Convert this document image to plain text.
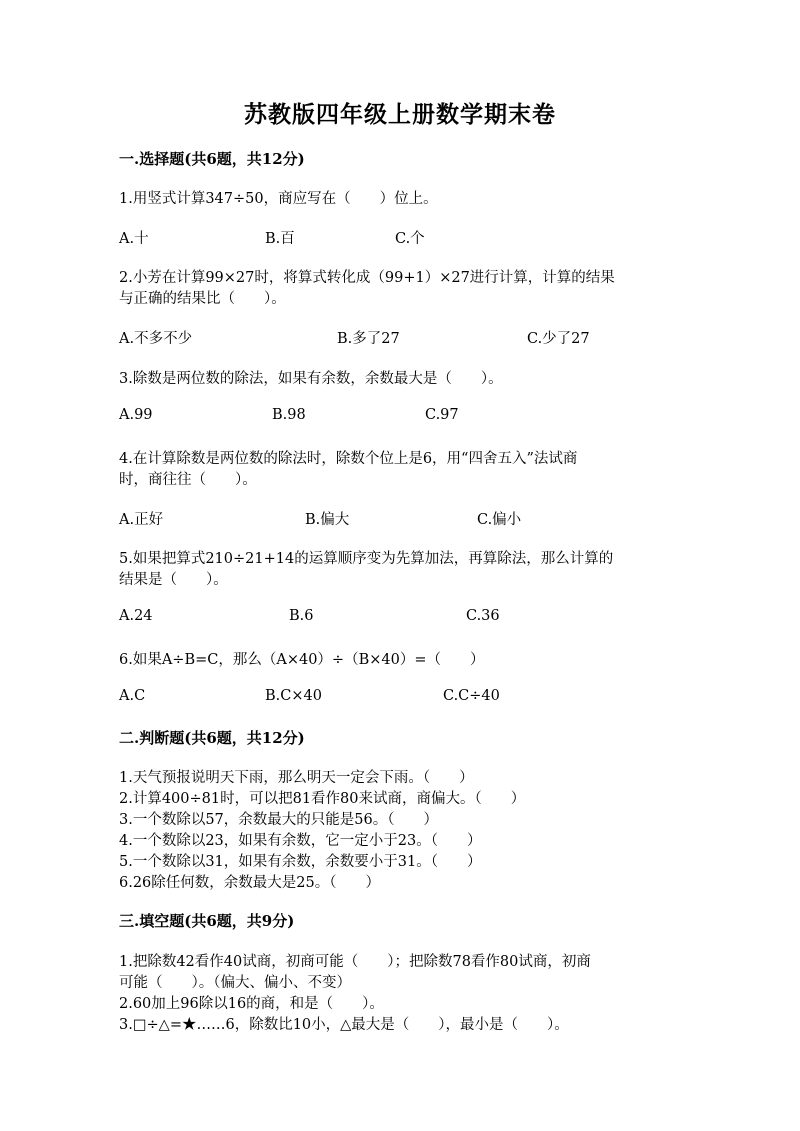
苏教版四年级上册数学期末卷
一.选择题(共6题，共12分)
1.用竖式计算347÷50，商应写在（　　）位上。
A.十	B.百	C.个
2.小芳在计算99×27时，将算式转化成（99+1）×27进行计算，计算的结果
与正确的结果比（　　）。
A.不多不少	B.多了27	C.少了27
3.除数是两位数的除法，如果有余数，余数最大是（　　）。
A.99	B.98	C.97
4.在计算除数是两位数的除法时，除数个位上是6，用“四舍五入”法试商
时，商往往（　　）。
A.正好	B.偏大	C.偏小
5.如果把算式210÷21+14的运算顺序变为先算加法，再算除法，那么计算的
结果是（　　）。
A.24	B.6	C.36
6.如果A÷B=C，那么（A×40）÷（B×40）=（　　）
A.C	B.C×40	C.C÷40
二.判断题(共6题，共12分)
1.天气预报说明天下雨，那么明天一定会下雨。（　　）
2.计算400÷81时，可以把81看作80来试商，商偏大。（　　）
3.一个数除以57，余数最大的只能是56。（　　）
4.一个数除以23，如果有余数，它一定小于23。（　　）
5.一个数除以31，如果有余数，余数要小于31。（　　）
6.26除任何数，余数最大是25。（　　）
三.填空题(共6题，共9分)
1.把除数42看作40试商，初商可能（　　）；把除数78看作80试商，初商
可能（　　）。（偏大、偏小、不变）
2.60加上96除以16的商，和是（　　）。
3.□÷△=★……6，除数比10小，△最大是（　　），最小是（　　）。
